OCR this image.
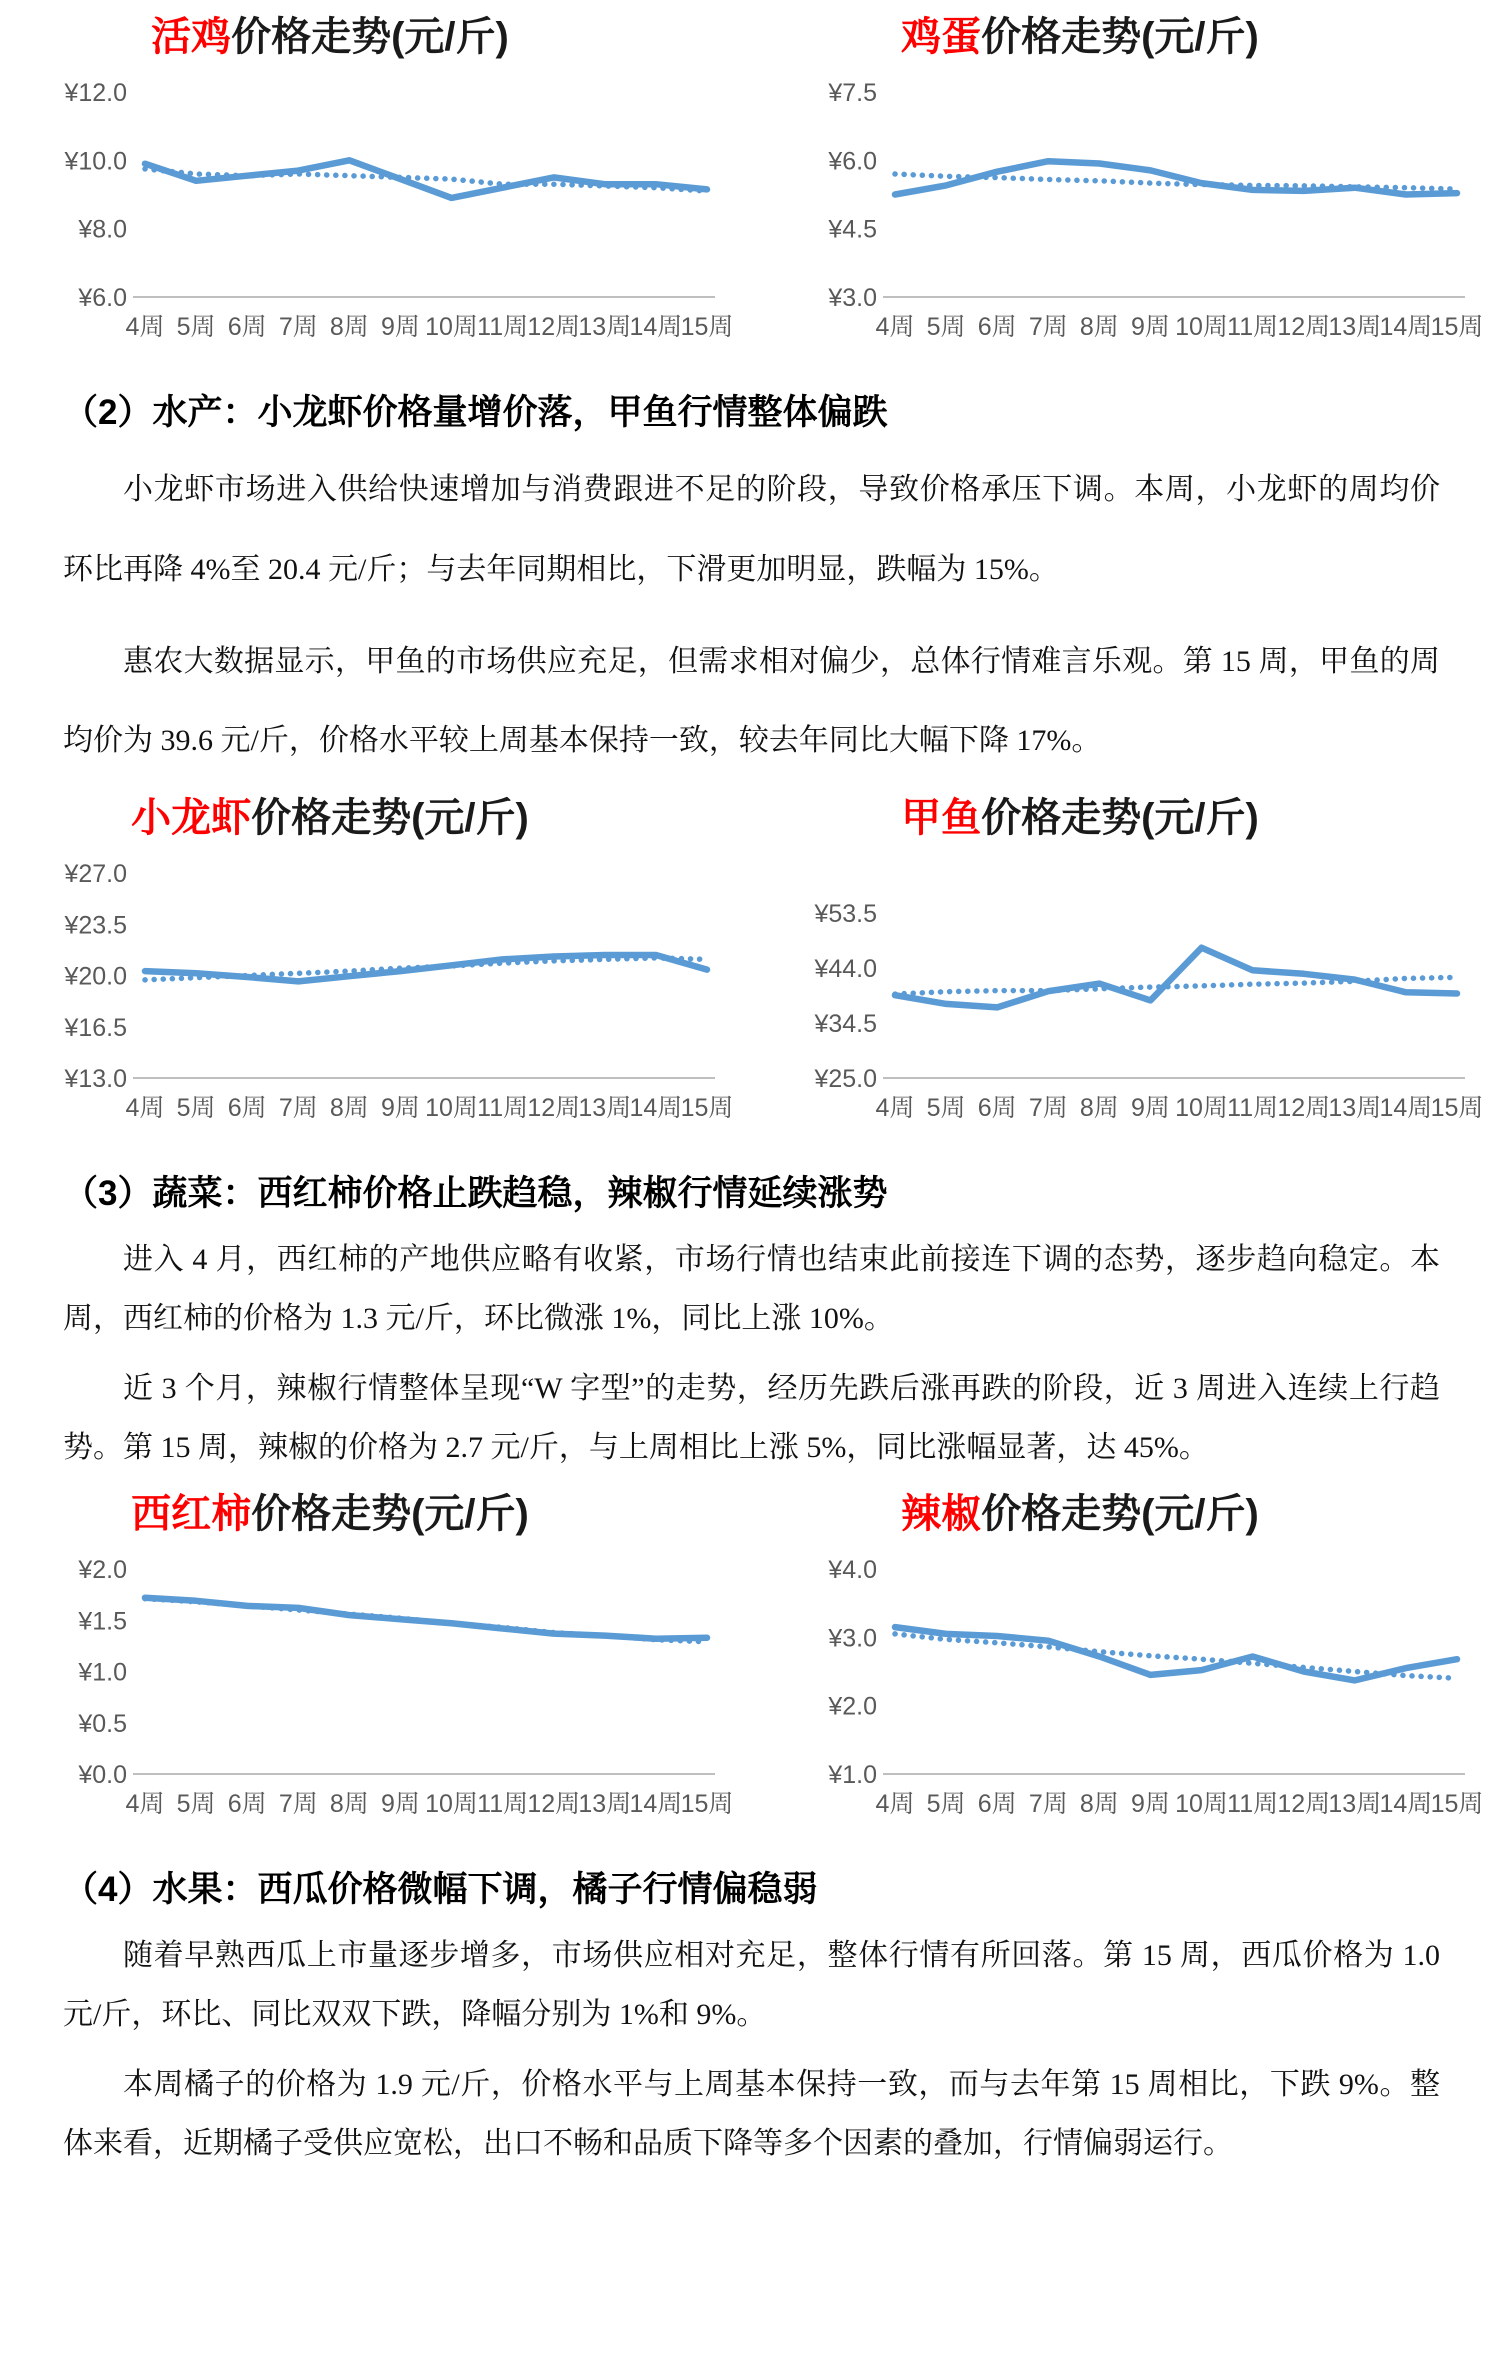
活鸡价格走势(元/斤)
¥12.0
¥10.0
¥8.0
¥6.0
4周 5周 6周 7周 8周 9周 10周 11周 12周
13周
14周
15周
鸡蛋价格走势(元/斤)
¥7.5
¥6.0
¥4.5
¥3.0
4周 5周 6周 7周 8周 9周 10周 11周 12周
13周
14周
15周
（2）水产：小龙虾价格量增价落，甲鱼行情整体偏跌

小龙虾市场进入供给快速增加与消费跟进不足的阶段，导致价格承压下调。本周，小龙虾的周均价环比再降 4%至 20.4 元/斤；与去年同期相比，下滑更加明显，跌幅为 15%。

惠农大数据显示，甲鱼的市场供应充足，但需求相对偏少，总体行情难言乐观。第 15 周，甲鱼的周均价为 39.6 元/斤，价格水平较上周基本保持一致，较去年同比大幅下降 17%。

小龙虾价格走势(元/斤)
¥27.0
¥23.5
¥20.0
¥16.5
¥13.0
4周 5周 6周 7周 8周 9周 10周 11周 12周
13周
14周
15周
甲鱼价格走势(元/斤)
¥53.5
¥44.0
¥34.5
¥25.0
4周 5周 6周 7周 8周 9周 10周 11周 12周
13周
14周
15周
（3）蔬菜：西红柿价格止跌趋稳，辣椒行情延续涨势

进入 4 月，西红柿的产地供应略有收紧，市场行情也结束此前接连下调的态势，逐步趋向稳定。本周，西红柿的价格为 1.3 元/斤，环比微涨 1%，同比上涨 10%。

近 3 个月，辣椒行情整体呈现“W 字型”的走势，经历先跌后涨再跌的阶段，近 3 周进入连续上行趋势。第 15 周，辣椒的价格为 2.7 元/斤，与上周相比上涨 5%，同比涨幅显著，达 45%。

西红柿价格走势(元/斤)
¥2.0
¥1.5
¥1.0
¥0.5
¥0.0
4周 5周 6周 7周 8周 9周 10周 11周 12周
13周
14周
15周
辣椒价格走势(元/斤)
¥4.0
¥3.0
¥2.0
¥1.0
4周 5周 6周 7周 8周 9周 10周 11周 12周
13周
14周
15周
（4）水果：西瓜价格微幅下调，橘子行情偏稳弱

随着早熟西瓜上市量逐步增多，市场供应相对充足，整体行情有所回落。第 15 周，西瓜价格为 1.0 元/斤，环比、同比双双下跌，降幅分别为 1%和 9%。

本周橘子的价格为 1.9 元/斤，价格水平与上周基本保持一致，而与去年第 15 周相比，下跌 9%。整体来看，近期橘子受供应宽松，出口不畅和品质下降等多个因素的叠加，行情偏弱运行。
